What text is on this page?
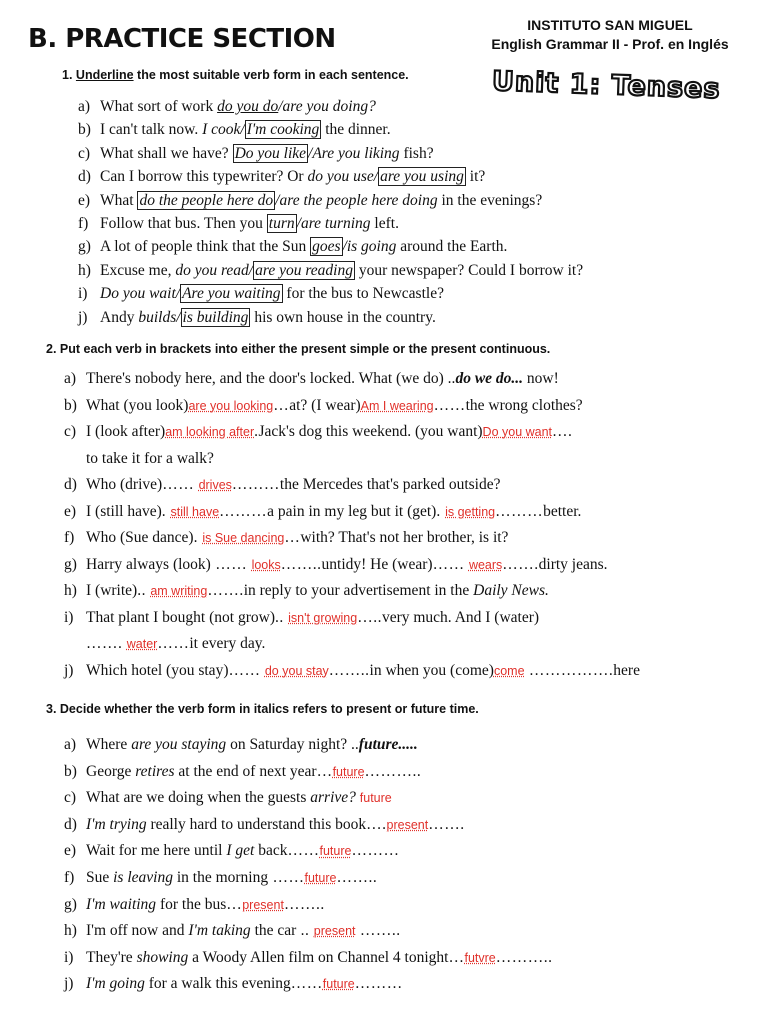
B. PRACTICE SECTION	INSTITUTO SAN MIGUEL
English Grammar II - Prof. en Inglés
Unit 1: Tenses
1. Underline the most suitable verb form in each sentence.
a) What sort of work do you do/are you doing?
b) I can't talk now. I cook/ I'm cooking the dinner.
c) What shall we have? Do you like /Are you liking fish?
d) Can I borrow this typewriter? Or do you use/ are you using it?
e) What do the people here do /are the people here doing in the evenings?
f) Follow that bus. Then you turn /are turning left.
g) A lot of people think that the Sun goes /is going around the Earth.
h) Excuse me, do you read/ are you reading your newspaper? Could I borrow it?
i) Do you wait/ Are you waiting for the bus to Newcastle?
j) Andy builds/ is building his own house in the country.
2. Put each verb in brackets into either the present simple or the present continuous.
a) There's nobody here, and the door's locked. What (we do) ..do we do... now!
b) What (you look)are you looking…at? (I wear)Am I wearing……the wrong clothes?
c) I (look after)am looking after.Jack's dog this weekend. (you want)Do you want….
to take it for a walk?
d) Who (drive)…… drives………the Mercedes that's parked outside?
e) I (still have). still have………a pain in my leg but it (get). is getting………better.
f) Who (Sue dance). is Sue dancing…with? That's not her brother, is it?
g) Harry always (look) …… looks……..untidy! He (wear)…… wears…….dirty jeans.
h) I (write).. am writing…….in reply to your advertisement in the Daily News.
i) That plant I bought (not grow).. isn't growing…..very much. And I (water)
……. water……it every day.
j) Which hotel (you stay)…… do you stay……..in when you (come)come …………….here
3. Decide whether the verb form in italics refers to present or future time.
a) Where are you staying on Saturday night? ..future.....
b) George retires at the end of next year…future………..
c) What are we doing when the guests arrive? future
d) I'm trying really hard to understand this book….present…….
e) Wait for me here until I get back……future………
f) Sue is leaving in the morning ……future……..
g) I'm waiting for the bus…present……..
h) I'm off now and I'm taking the car .. present ……..
i) They're showing a Woody Allen film on Channel 4 tonight…futvre………..
j) I'm going for a walk this evening……future………
